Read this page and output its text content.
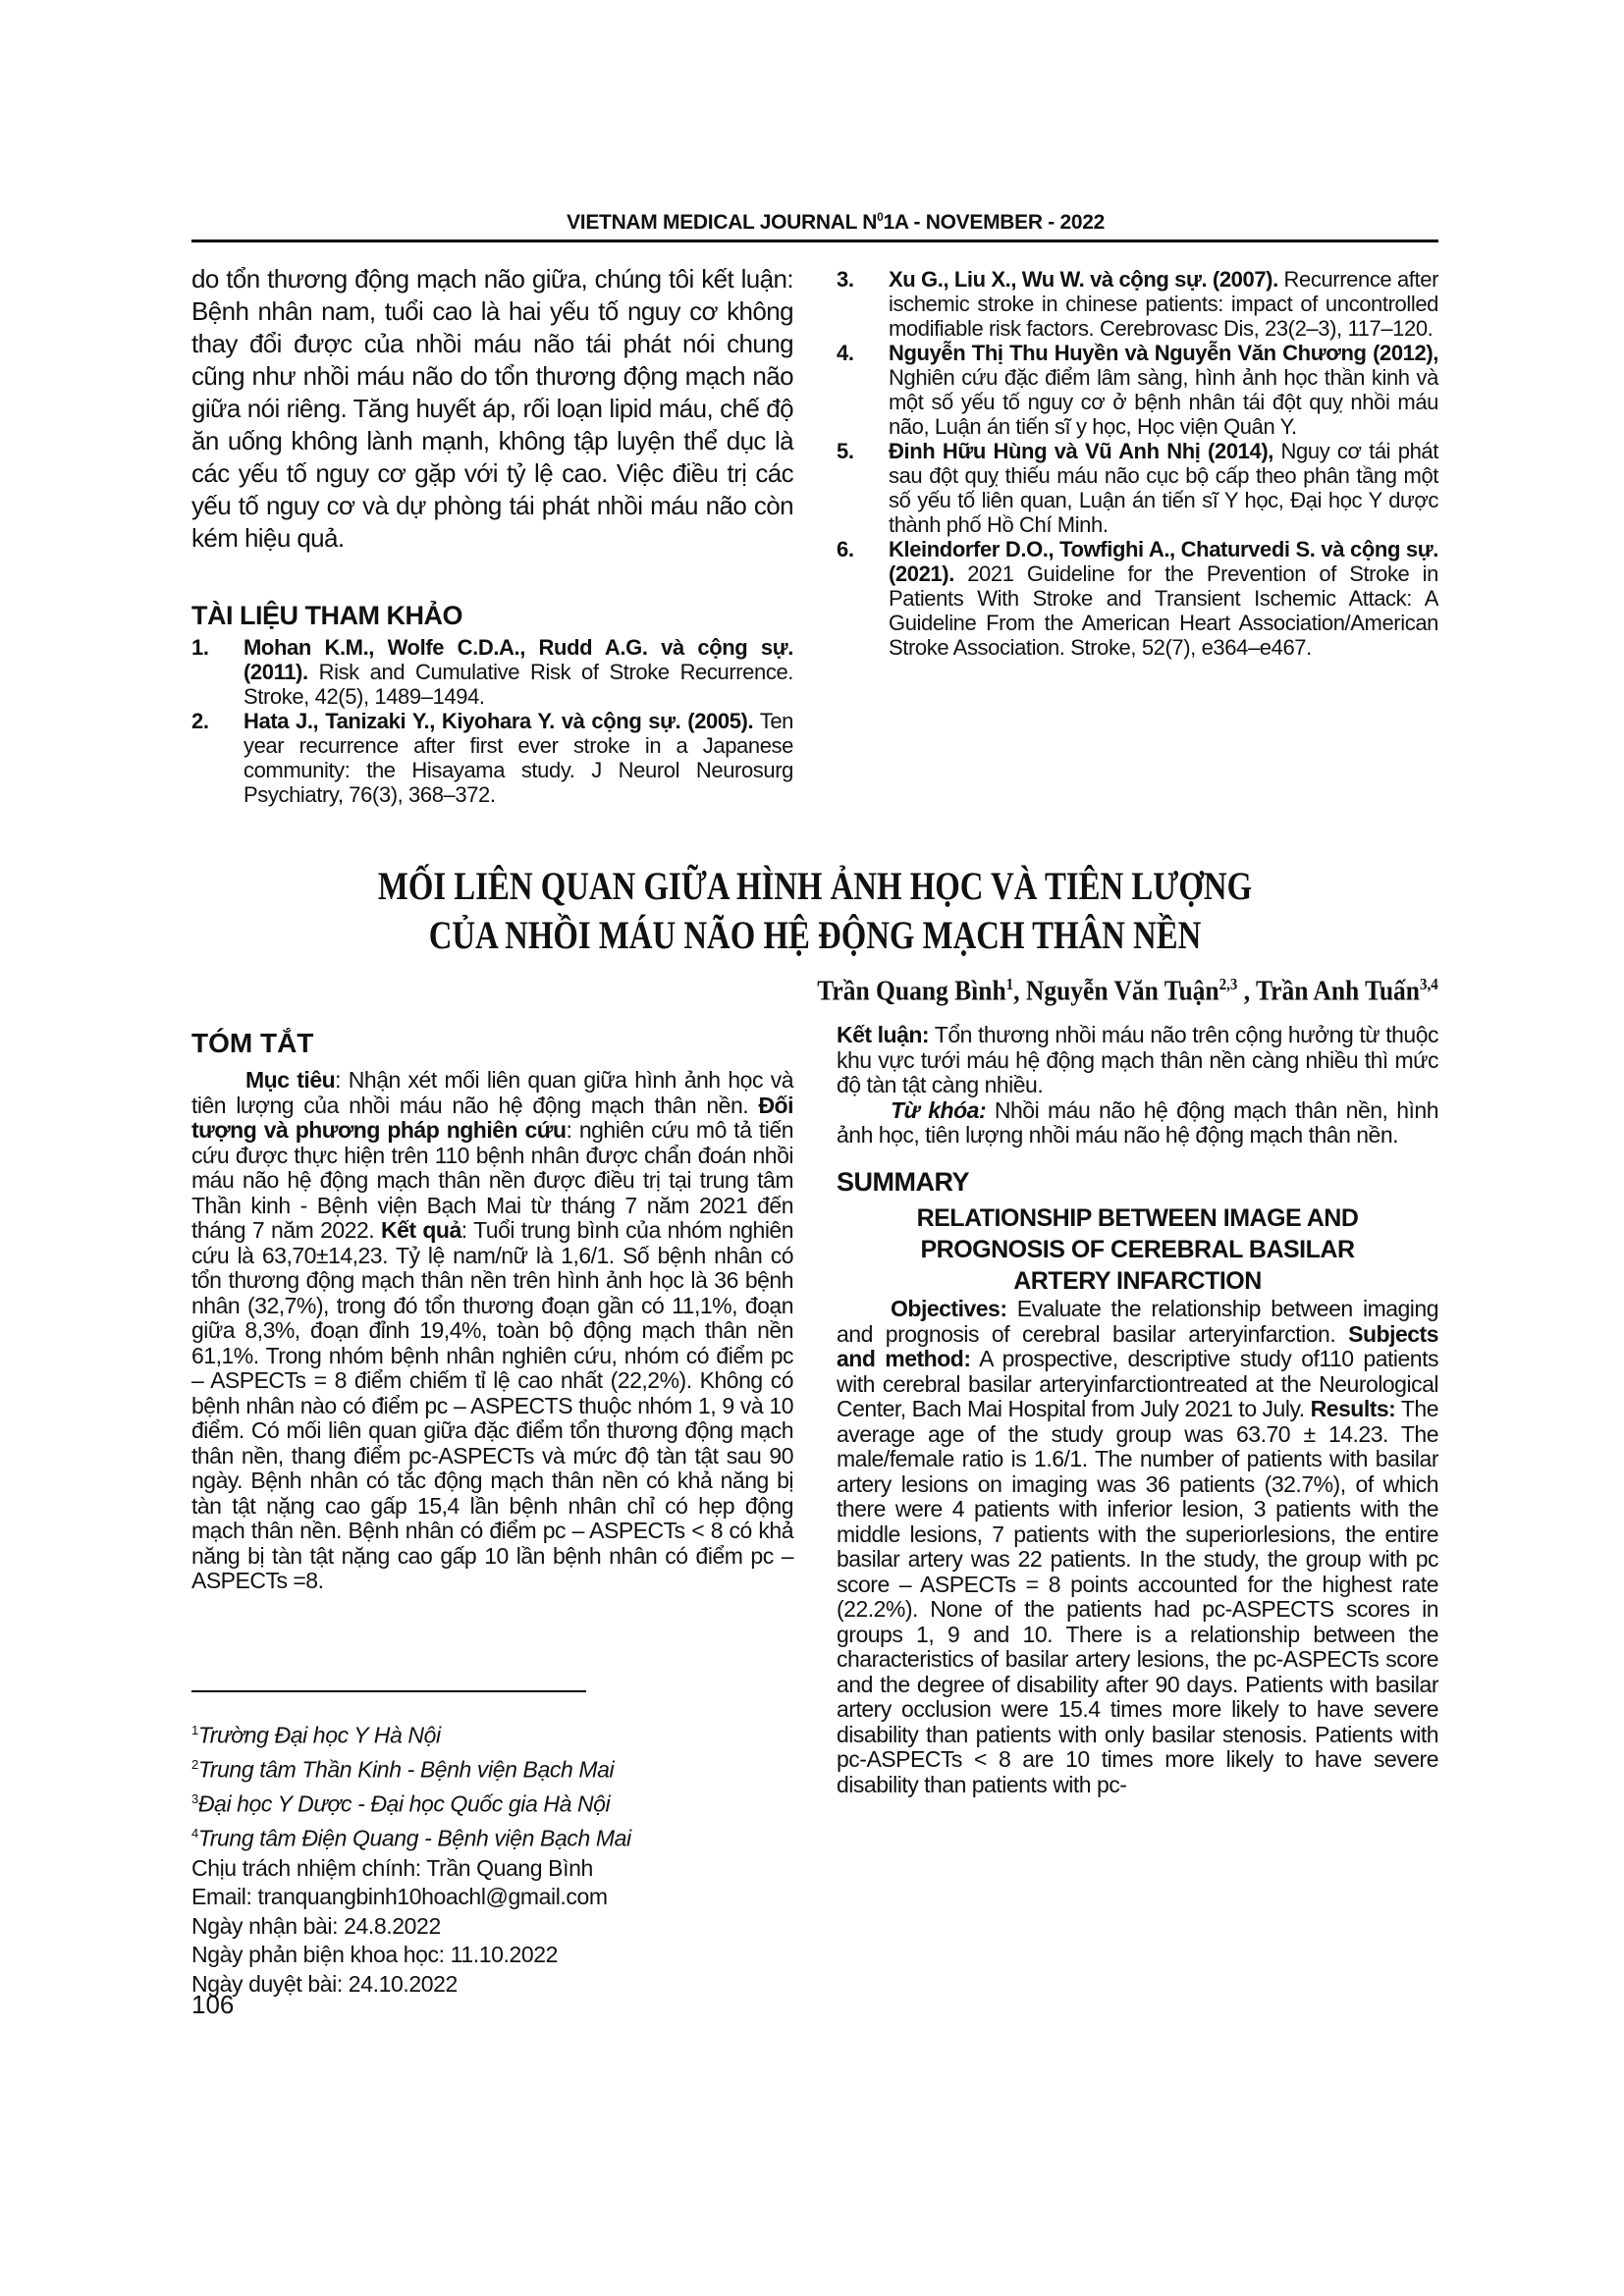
VIETNAM MEDICAL JOURNAL $N^01A$ - NOVEMBER - 2022
do tổn thương động mạch não giữa, chúng tôi kết luận: Bệnh nhân nam, tuổi cao là hai yếu tố nguy cơ không thay đổi được của nhồi máu não tái phát nói chung cũng như nhồi máu não do tổn thương động mạch não giữa nói riêng. Tăng huyết áp, rối loạn lipid máu, chế độ ăn uống không lành mạnh, không tập luyện thể dục là các yếu tố nguy cơ gặp với tỷ lệ cao. Việc điều trị các yếu tố nguy cơ và dự phòng tái phát nhồi máu não còn kém hiệu quả.
TÀI LIỆU THAM KHẢO
1. Mohan K.M., Wolfe C.D.A., Rudd A.G. và cộng sự. (2011). Risk and Cumulative Risk of Stroke Recurrence. Stroke, 42(5), 1489–1494.
2. Hata J., Tanizaki Y., Kiyohara Y. và cộng sự. (2005). Ten year recurrence after first ever stroke in a Japanese community: the Hisayama study. J Neurol Neurosurg Psychiatry, 76(3), 368–372.
3. Xu G., Liu X., Wu W. và cộng sự. (2007). Recurrence after ischemic stroke in chinese patients: impact of uncontrolled modifiable risk factors. Cerebrovasc Dis, 23(2–3), 117–120.
4. Nguyễn Thị Thu Huyền và Nguyễn Văn Chương (2012), Nghiên cứu đặc điểm lâm sàng, hình ảnh học thần kinh và một số yếu tố nguy cơ ở bệnh nhân tái đột quỵ nhồi máu não, Luận án tiến sĩ y học, Học viện Quân Y.
5. Đinh Hữu Hùng và Vũ Anh Nhị (2014), Nguy cơ tái phát sau đột quỵ thiếu máu não cục bộ cấp theo phân tầng một số yếu tố liên quan, Luận án tiến sĩ Y học, Đại học Y dược thành phố Hồ Chí Minh.
6. Kleindorfer D.O., Towfighi A., Chaturvedi S. và cộng sự. (2021). 2021 Guideline for the Prevention of Stroke in Patients With Stroke and Transient Ischemic Attack: A Guideline From the American Heart Association/American Stroke Association. Stroke, 52(7), e364–e467.
MỐI LIÊN QUAN GIỮA HÌNH ẢNH HỌC VÀ TIÊN LƯỢNG
CỦA NHỒI MÁU NÃO HỆ ĐỘNG MẠCH THÂN NỀN
Trần Quang Bình$^1$, Nguyễn Văn Tuận$^{2,3}$ , Trần Anh Tuấn$^{3,4}$
TÓM TẮT
Mục tiêu: Nhận xét mối liên quan giữa hình ảnh học và tiên lượng của nhồi máu não hệ động mạch thân nền. Đối tượng và phương pháp nghiên cứu: nghiên cứu mô tả tiến cứu được thực hiện trên 110 bệnh nhân được chẩn đoán nhồi máu não hệ động mạch thân nền được điều trị tại trung tâm Thần kinh - Bệnh viện Bạch Mai từ tháng 7 năm 2021 đến tháng 7 năm 2022. Kết quả: Tuổi trung bình của nhóm nghiên cứu là 63,70±14,23. Tỷ lệ nam/nữ là 1,6/1. Số bệnh nhân có tổn thương động mạch thân nền trên hình ảnh học là 36 bệnh nhân (32,7%), trong đó tổn thương đoạn gần có 11,1%, đoạn giữa 8,3%, đoạn đỉnh 19,4%, toàn bộ động mạch thân nền 61,1%. Trong nhóm bệnh nhân nghiên cứu, nhóm có điểm pc – ASPECTs = 8 điểm chiếm tỉ lệ cao nhất (22,2%). Không có bệnh nhân nào có điểm pc – ASPECTS thuộc nhóm 1, 9 và 10 điểm. Có mối liên quan giữa đặc điểm tổn thương động mạch thân nền, thang điểm pc-ASPECTs và mức độ tàn tật sau 90 ngày. Bệnh nhân có tắc động mạch thân nền có khả năng bị tàn tật nặng cao gấp 15,4 lần bệnh nhân chỉ có hẹp động mạch thân nền. Bệnh nhân có điểm pc – ASPECTs < 8 có khả năng bị tàn tật nặng cao gấp 10 lần bệnh nhân có điểm pc – ASPECTs =8.
$^1$Trường Đại học Y Hà Nội
$^2$Trung tâm Thần Kinh - Bệnh viện Bạch Mai
$^3$Đại học Y Dược - Đại học Quốc gia Hà Nội
$^4$Trung tâm Điện Quang - Bệnh viện Bạch Mai
Chịu trách nhiệm chính: Trần Quang Bình
Email: tranquangbinh10hoachl@gmail.com
Ngày nhận bài: 24.8.2022
Ngày phản biện khoa học: 11.10.2022
Ngày duyệt bài: 24.10.2022
106
Kết luận: Tổn thương nhồi máu não trên cộng hưởng từ thuộc khu vực tưới máu hệ động mạch thân nền càng nhiều thì mức độ tàn tật càng nhiều.
Từ khóa: Nhồi máu não hệ động mạch thân nền, hình ảnh học, tiên lượng nhồi máu não hệ động mạch thân nền.
SUMMARY
RELATIONSHIP BETWEEN IMAGE AND
PROGNOSIS OF CEREBRAL BASILAR
ARTERY INFARCTION
Objectives: Evaluate the relationship between imaging and prognosis of cerebral basilar arteryinfarction. Subjects and method: A prospective, descriptive study of110 patients with cerebral basilar arteryinfarctiontreated at the Neurological Center, Bach Mai Hospital from July 2021 to July. Results: The average age of the study group was 63.70 ± 14.23. The male/female ratio is 1.6/1. The number of patients with basilar artery lesions on imaging was 36 patients (32.7%), of which there were 4 patients with inferior lesion, 3 patients with the middle lesions, 7 patients with the superiorlesions, the entire basilar artery was 22 patients. In the study, the group with pc score – ASPECTs = 8 points accounted for the highest rate (22.2%). None of the patients had pc-ASPECTS scores in groups 1, 9 and 10. There is a relationship between the characteristics of basilar artery lesions, the pc-ASPECTs score and the degree of disability after 90 days. Patients with basilar artery occlusion were 15.4 times more likely to have severe disability than patients with only basilar stenosis. Patients with pc-ASPECTs < 8 are 10 times more likely to have severe disability than patients with pc-
